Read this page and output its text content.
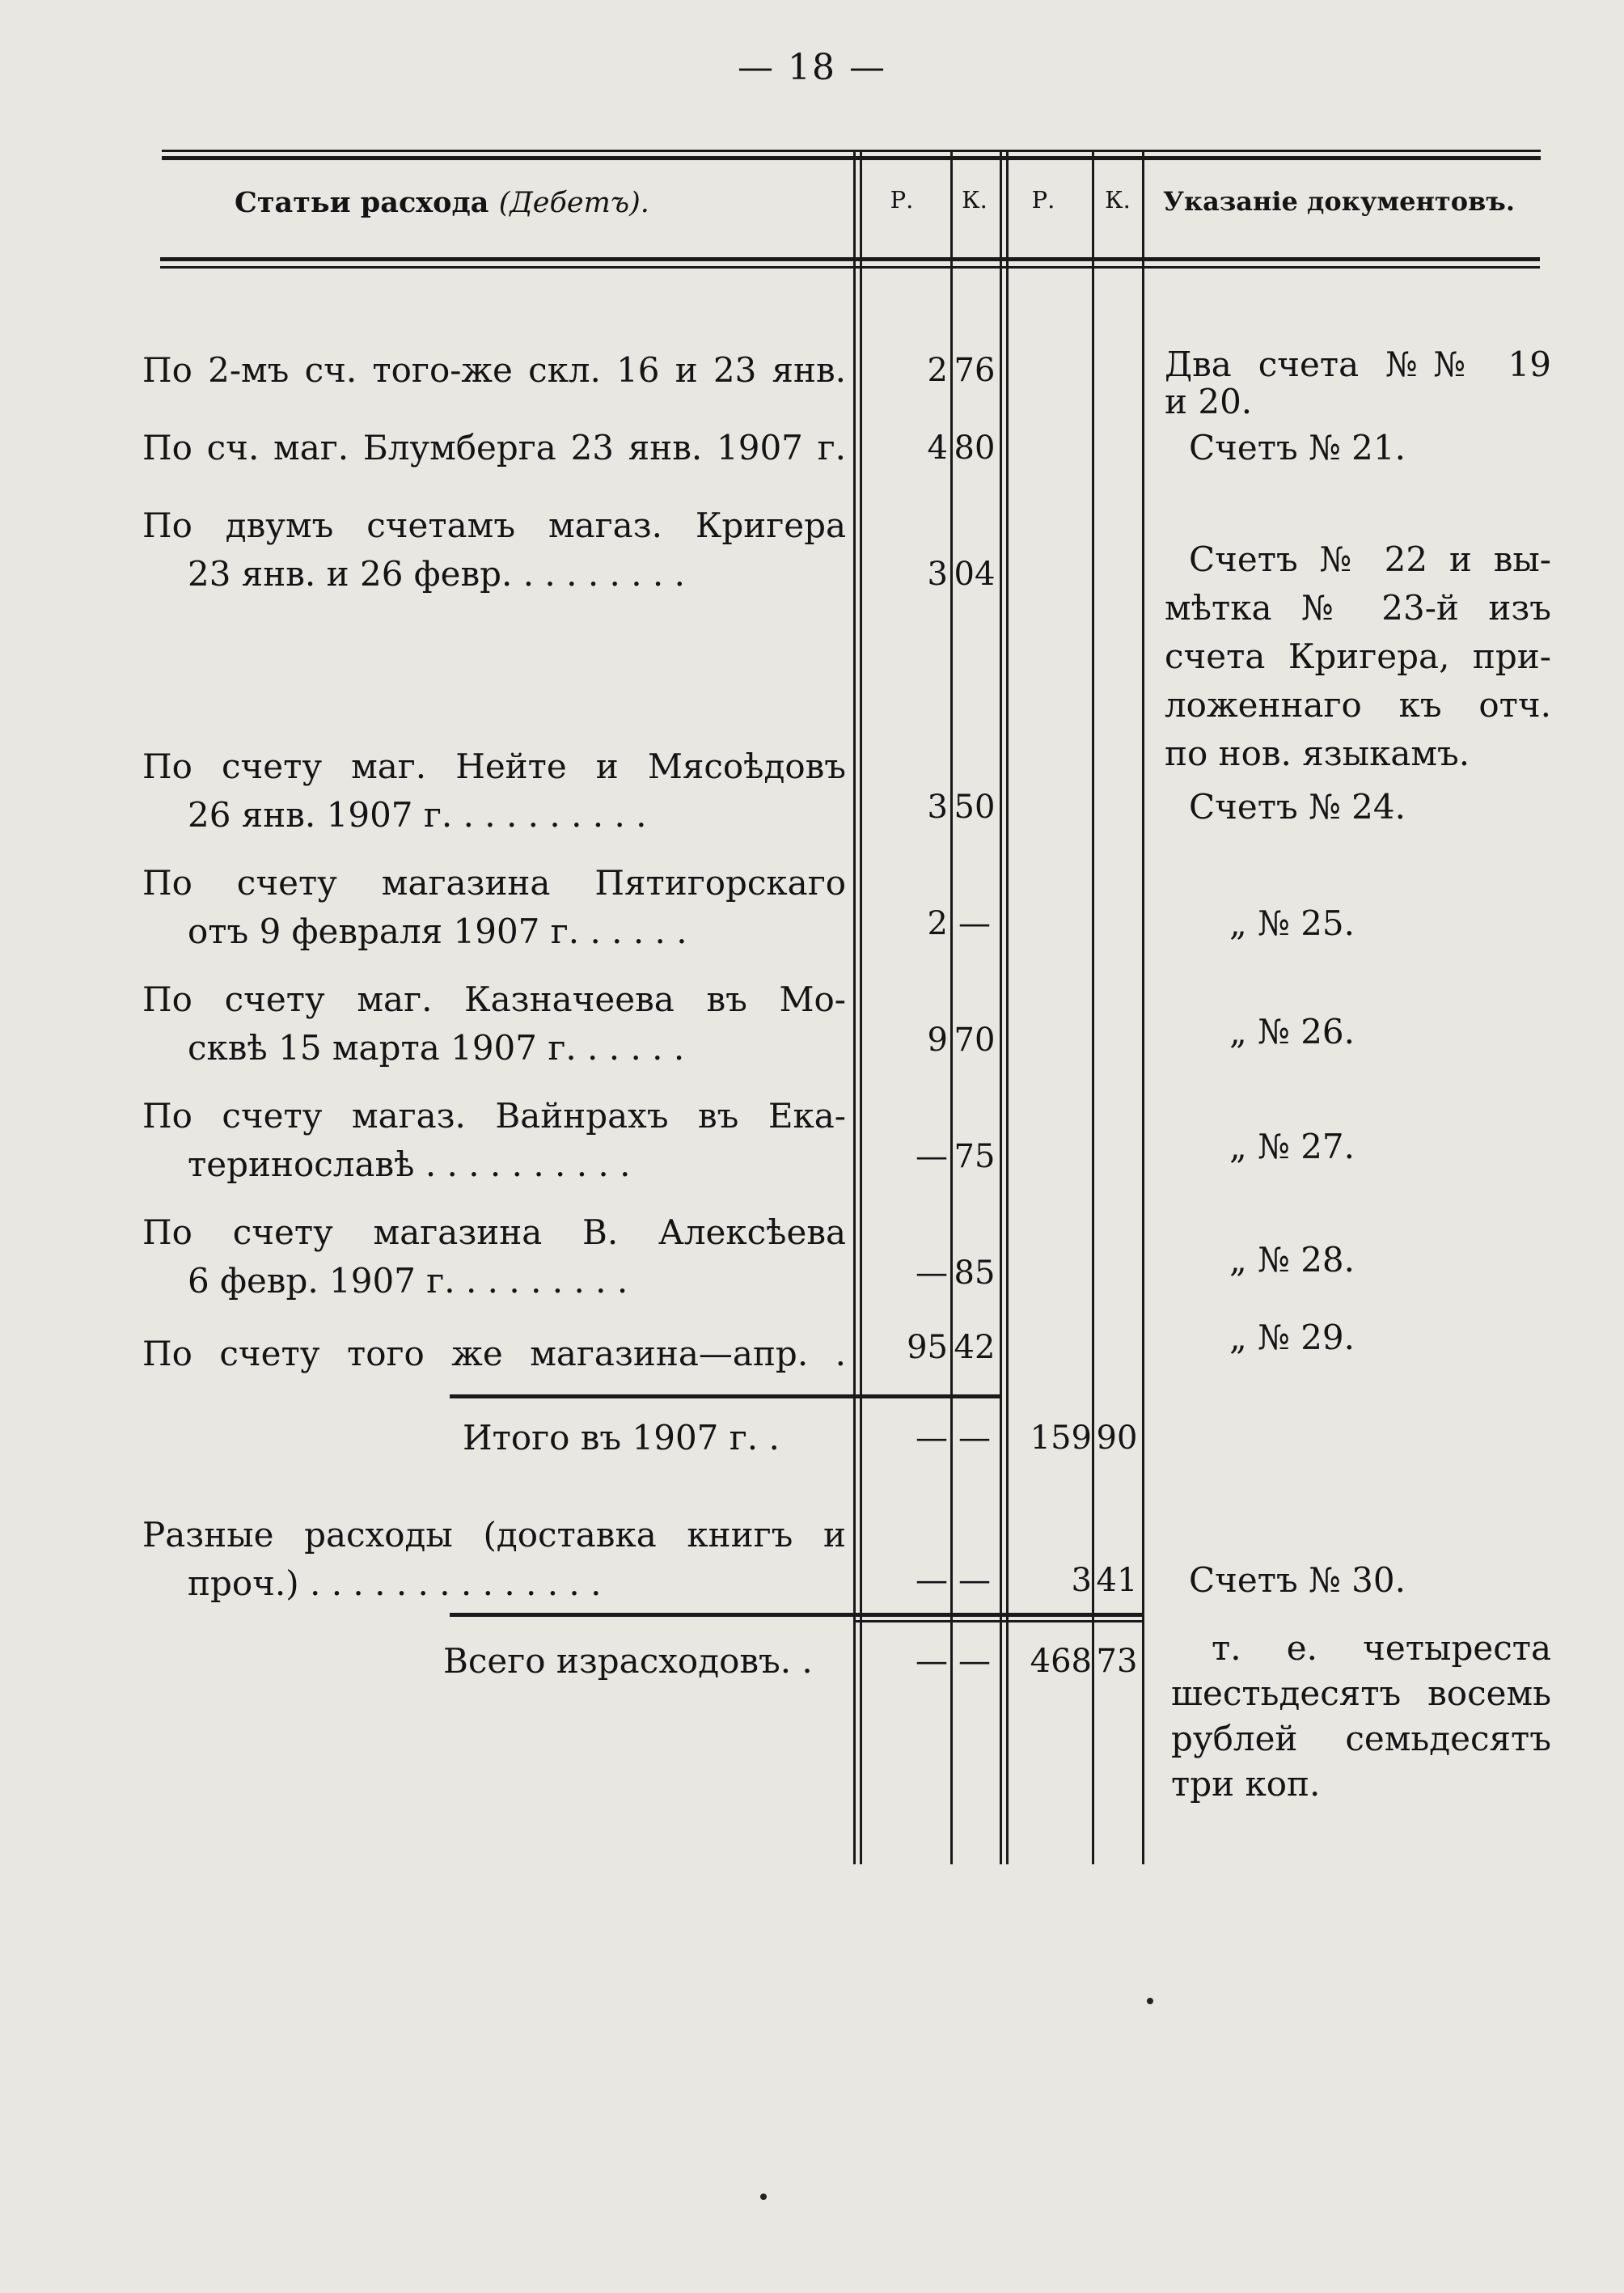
— 18 —
Статьи расхода (Дебетъ).	Р.	К.	Р.	К.	Указаніе документовъ.
По 2-мъ сч. того-же скл. 16 и 23 янв.	2 76	Два счета №№ 19
и 20.
По сч. маг. Блумберга 23 янв. 1907 г.	4 80	Счетъ № 21.
По двумъ счетамъ магаз. Кригера
23 янв. и 26 февр. . . . . . . . .	3 04	Счетъ № 22 и вы-
мѣтка № 23-й изъ
счета Кригера, при-
ложеннаго къ отч.
по нов. языкамъ.
По счету маг. Нейте и Мясоѣдовъ
26 янв. 1907 г. . . . . . . . . .	3 50	Счетъ № 24.
По счету магазина Пятигорскаго
отъ 9 февраля 1907 г. . . . . .	2 —	„ № 25.
По счету маг. Казначеева въ Мо-
сквѣ 15 марта 1907 г. . . . . .	9 70	„ № 26.
По счету магаз. Вайнрахъ въ Ека-
теринославѣ . . . . . . . . . .	— 75	„ № 27.
По счету магазина В. Алексѣева
6 февр. 1907 г. . . . . . . . .	— 85	„ № 28.
По счету того же магазина—апр. .	95 42	„ № 29.
Итого въ 1907 г. .	— —	159 90
Разные расходы (доставка книгъ и
проч.) . . . . . . . . . . . . . .	— —	3 41	Счетъ № 30.
Всего израсходовъ. .	— —	468 73	т. е. четыреста
шестьдесятъ восемь
рублей семьдесятъ
три коп.
